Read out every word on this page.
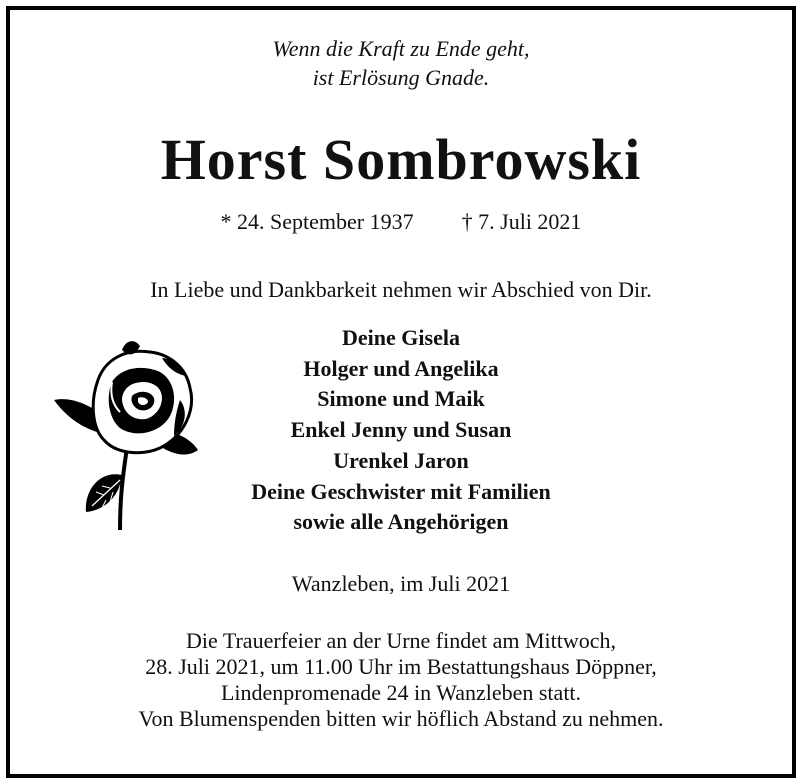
Wenn die Kraft zu Ende geht,
ist Erlösung Gnade.
Horst Sombrowski
* 24. September 1937 † 7. Juli 2021
In Liebe und Dankbarkeit nehmen wir Abschied von Dir.
Deine Gisela
Holger und Angelika
Simone und Maik
Enkel Jenny und Susan
Urenkel Jaron
Deine Geschwister mit Familien
sowie alle Angehörigen
Wanzleben, im Juli 2021
Die Trauerfeier an der Urne findet am Mittwoch,
28. Juli 2021, um 11.00 Uhr im Bestattungshaus Döppner,
Lindenpromenade 24 in Wanzleben statt.
Von Blumenspenden bitten wir höflich Abstand zu nehmen.
